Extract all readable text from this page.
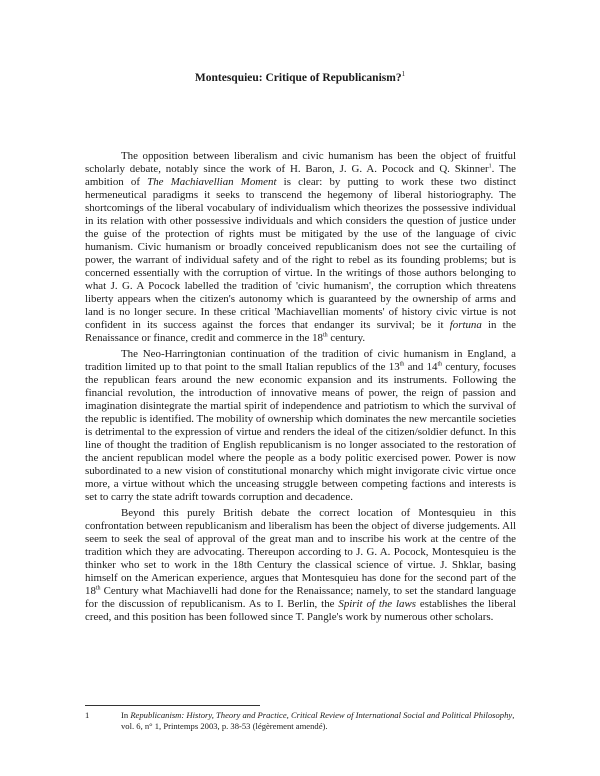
Montesquieu: Critique of Republicanism?$^1$

The opposition between liberalism and civic humanism has been the object of fruitful scholarly debate, notably since the work of H. Baron, J. G. A. Pocock and Q. Skinner$^1$. The ambition of The Machiavellian Moment is clear: by putting to work these two distinct hermeneutical paradigms it seeks to transcend the hegemony of liberal historiography. The shortcomings of the liberal vocabulary of individualism which theorizes the possessive individual in its relation with other possessive individuals and which considers the question of justice under the guise of the protection of rights must be mitigated by the use of the language of civic humanism. Civic humanism or broadly conceived republicanism does not see the curtailing of power, the warrant of individual safety and of the right to rebel as its founding problems; but is concerned essentially with the corruption of virtue. In the writings of those authors belonging to what J. G. A Pocock labelled the tradition of 'civic humanism', the corruption which threatens liberty appears when the citizen's autonomy which is guaranteed by the ownership of arms and land is no longer secure. In these critical 'Machiavellian moments' of history civic virtue is not confident in its success against the forces that endanger its survival; be it fortuna in the Renaissance or finance, credit and commerce in the 18th century.

The Neo-Harringtonian continuation of the tradition of civic humanism in England, a tradition limited up to that point to the small Italian republics of the 13th and 14th century, focuses the republican fears around the new economic expansion and its instruments. Following the financial revolution, the introduction of innovative means of power, the reign of passion and imagination disintegrate the martial spirit of independence and patriotism to which the survival of the republic is identified. The mobility of ownership which dominates the new mercantile societies is detrimental to the expression of virtue and renders the ideal of the citizen/soldier defunct. In this line of thought the tradition of English republicanism is no longer associated to the restoration of the ancient republican model where the people as a body politic exercised power. Power is now subordinated to a new vision of constitutional monarchy which might invigorate civic virtue once more, a virtue without which the unceasing struggle between competing factions and interests is set to carry the state adrift towards corruption and decadence.

Beyond this purely British debate the correct location of Montesquieu in this confrontation between republicanism and liberalism has been the object of diverse judgements. All seem to seek the seal of approval of the great man and to inscribe his work at the centre of the tradition which they are advocating. Thereupon according to J. G. A. Pocock, Montesquieu is the thinker who set to work in the 18th Century the classical science of virtue. J. Shklar, basing himself on the American experience, argues that Montesquieu has done for the second part of the 18th Century what Machiavelli had done for the Renaissance; namely, to set the standard language for the discussion of republicanism. As to I. Berlin, the Spirit of the laws establishes the liberal creed, and this position has been followed since T. Pangle's work by numerous other scholars.

1	In Republicanism: History, Theory and Practice, Critical Review of International Social and Political Philosophy, vol. 6, n° 1, Printemps 2003, p. 38-53 (légèrement amendé).
